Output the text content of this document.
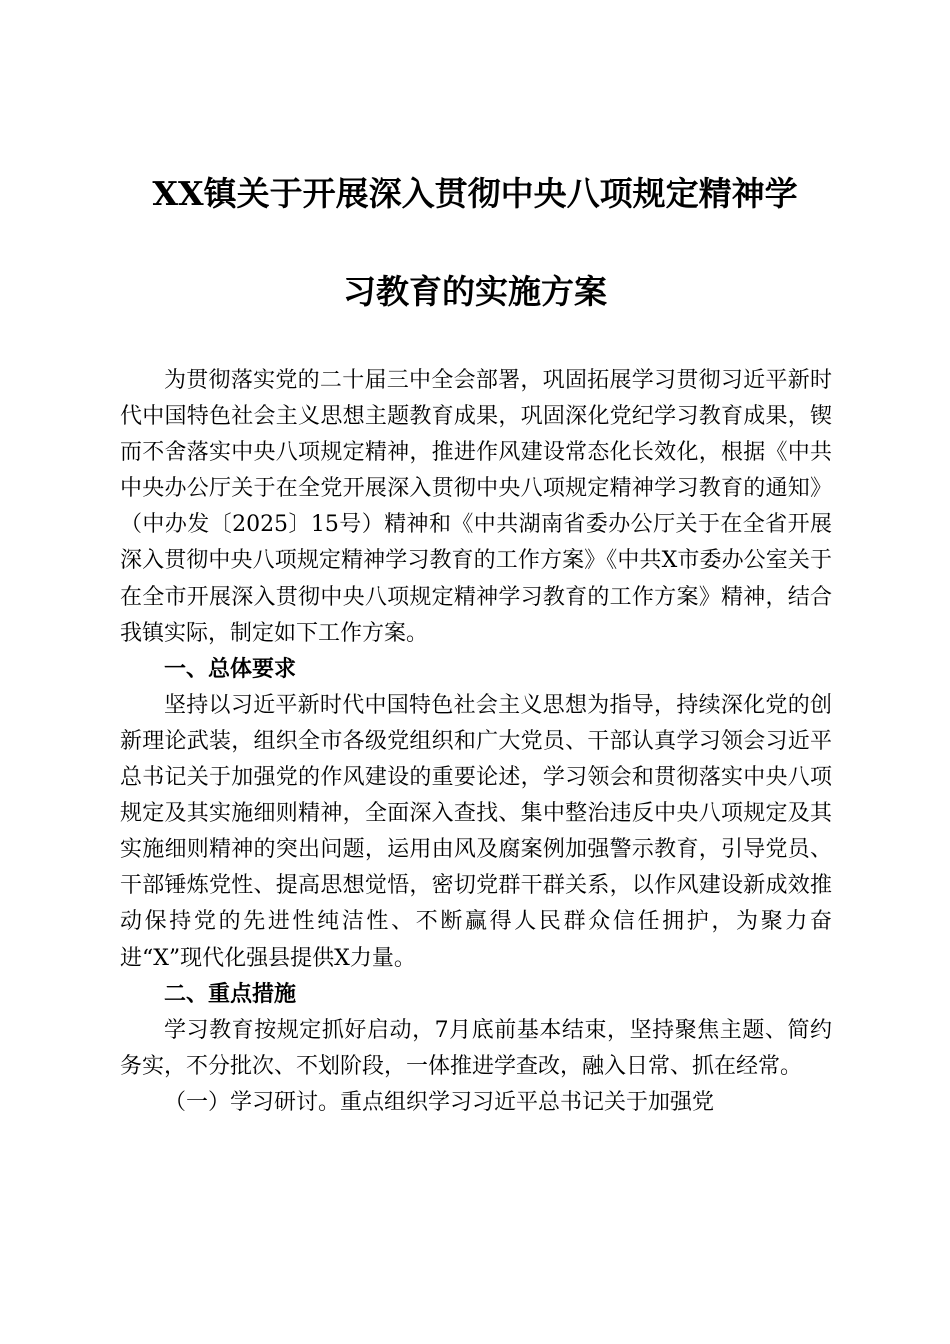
XX镇关于开展深入贯彻中央八项规定精神学
习教育的实施方案

为贯彻落实党的二十届三中全会部署，巩固拓展学习贯彻习近平新时代中国特色社会主义思想主题教育成果，巩固深化党纪学习教育成果，锲而不舍落实中央八项规定精神，推进作风建设常态化长效化，根据《中共中央办公厅关于在全党开展深入贯彻中央八项规定精神学习教育的通知》（中办发〔2025〕15号）精神和《中共湖南省委办公厅关于在全省开展深入贯彻中央八项规定精神学习教育的工作方案》《中共X市委办公室关于在全市开展深入贯彻中央八项规定精神学习教育的工作方案》精神，结合我镇实际，制定如下工作方案。

一、总体要求

坚持以习近平新时代中国特色社会主义思想为指导，持续深化党的创新理论武装，组织全市各级党组织和广大党员、干部认真学习领会习近平总书记关于加强党的作风建设的重要论述，学习领会和贯彻落实中央八项规定及其实施细则精神，全面深入查找、集中整治违反中央八项规定及其实施细则精神的突出问题，运用由风及腐案例加强警示教育，引导党员、干部锤炼党性、提高思想觉悟，密切党群干群关系，以作风建设新成效推动保持党的先进性纯洁性、不断赢得人民群众信任拥护，为聚力奋进“X”现代化强县提供X力量。

二、重点措施

学习教育按规定抓好启动，7月底前基本结束，坚持聚焦主题、简约务实，不分批次、不划阶段，一体推进学查改，融入日常、抓在经常。

（一）学习研讨。重点组织学习习近平总书记关于加强党
